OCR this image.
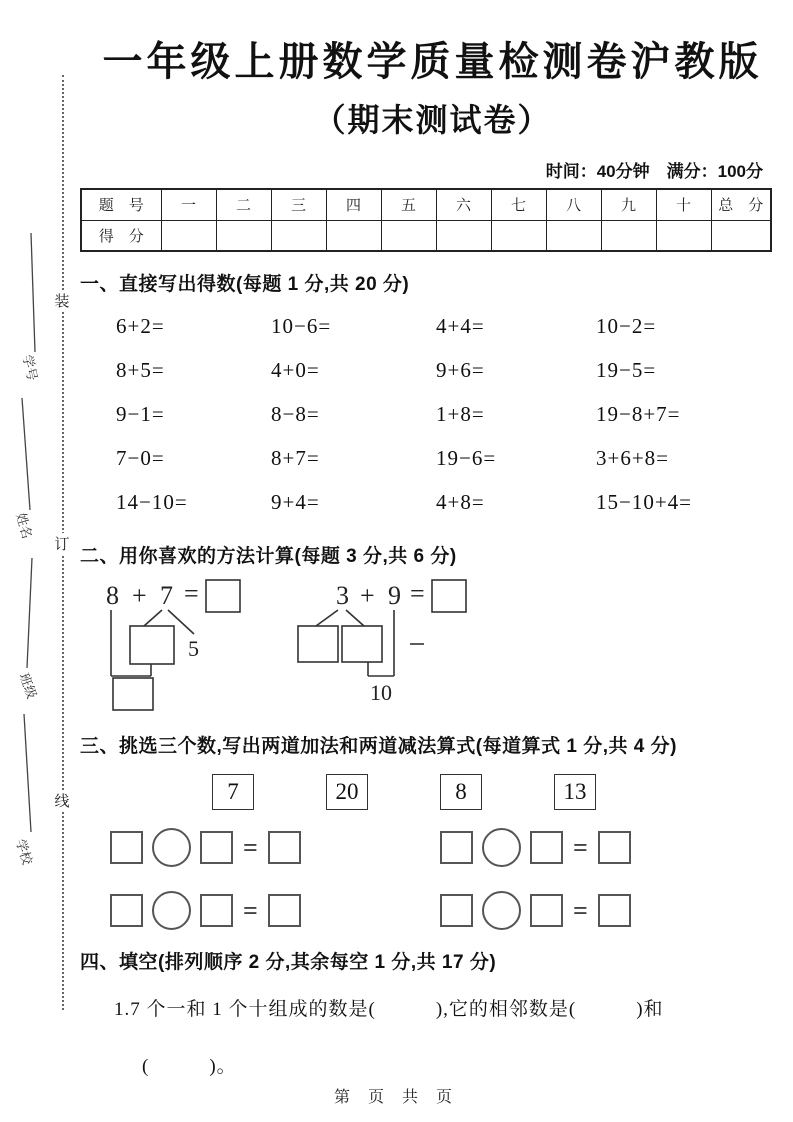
装
订
线
学号
姓名
班级
学校
一年级上册数学质量检测卷沪教版
（期末测试卷）
时间：40分钟　满分：100分
题　号	一	二	三	四	五	六	七	八	九	十	总　分
得　分											
一、直接写出得数(每题 1 分,共 20 分)
6+2=	10−6=	4+4=	10−2=
8+5=	4+0=	9+6=	19−5=
9−1=	8−8=	1+8=	19−8+7=
7−0=	8+7=	19−6=	3+6+8=
14−10=	9+4=	4+8=	15−10+4=
二、用你喜欢的方法计算(每题 3 分,共 6 分)
8 + 7 =
5
3 + 9 =
10
三、挑选三个数,写出两道加法和两道减法算式(每道算式 1 分,共 4 分)
7	20	8	13
=	=
=	=
四、填空(排列顺序 2 分,其余每空 1 分,共 17 分)
1.7 个一和 1 个十组成的数是(　　　),它的相邻数是(　　　)和
(　　　)。
第 页 共 页
